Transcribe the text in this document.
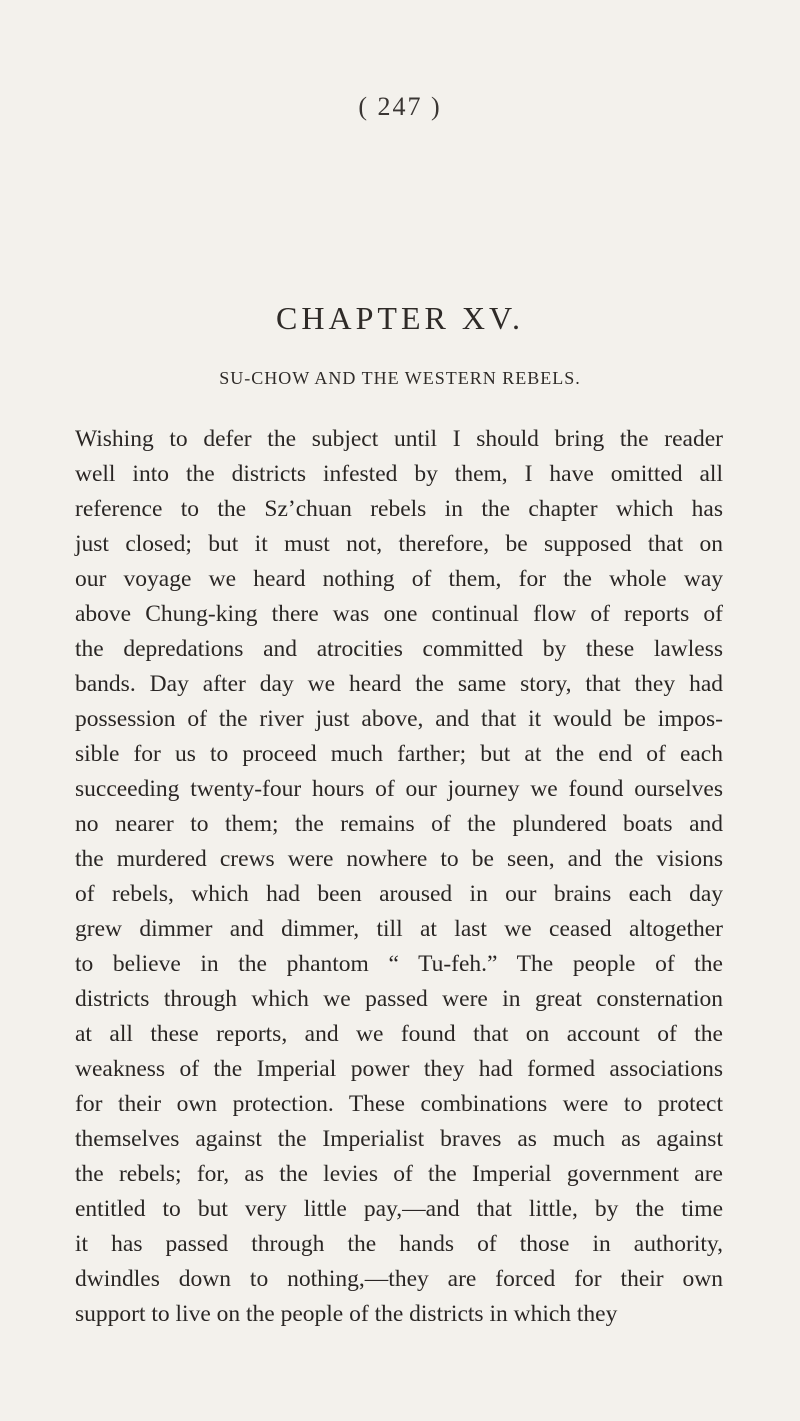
( 247 )
CHAPTER XV.
SU-CHOW AND THE WESTERN REBELS.
Wishing to defer the subject until I should bring the reader
well into the districts infested by them, I have omitted all
reference to the Sz’chuan rebels in the chapter which has
just closed; but it must not, therefore, be supposed that on
our voyage we heard nothing of them, for the whole way
above Chung-king there was one continual flow of reports of
the depredations and atrocities committed by these lawless
bands. Day after day we heard the same story, that they had
possession of the river just above, and that it would be impos-
sible for us to proceed much farther; but at the end of each
succeeding twenty-four hours of our journey we found ourselves
no nearer to them; the remains of the plundered boats and
the murdered crews were nowhere to be seen, and the visions
of rebels, which had been aroused in our brains each day
grew dimmer and dimmer, till at last we ceased altogether
to believe in the phantom “ Tu-feh.” The people of the
districts through which we passed were in great consternation
at all these reports, and we found that on account of the
weakness of the Imperial power they had formed associations
for their own protection. These combinations were to protect
themselves against the Imperialist braves as much as against
the rebels; for, as the levies of the Imperial government are
entitled to but very little pay,—and that little, by the time
it has passed through the hands of those in authority,
dwindles down to nothing,—they are forced for their own
support to live on the people of the districts in which they
